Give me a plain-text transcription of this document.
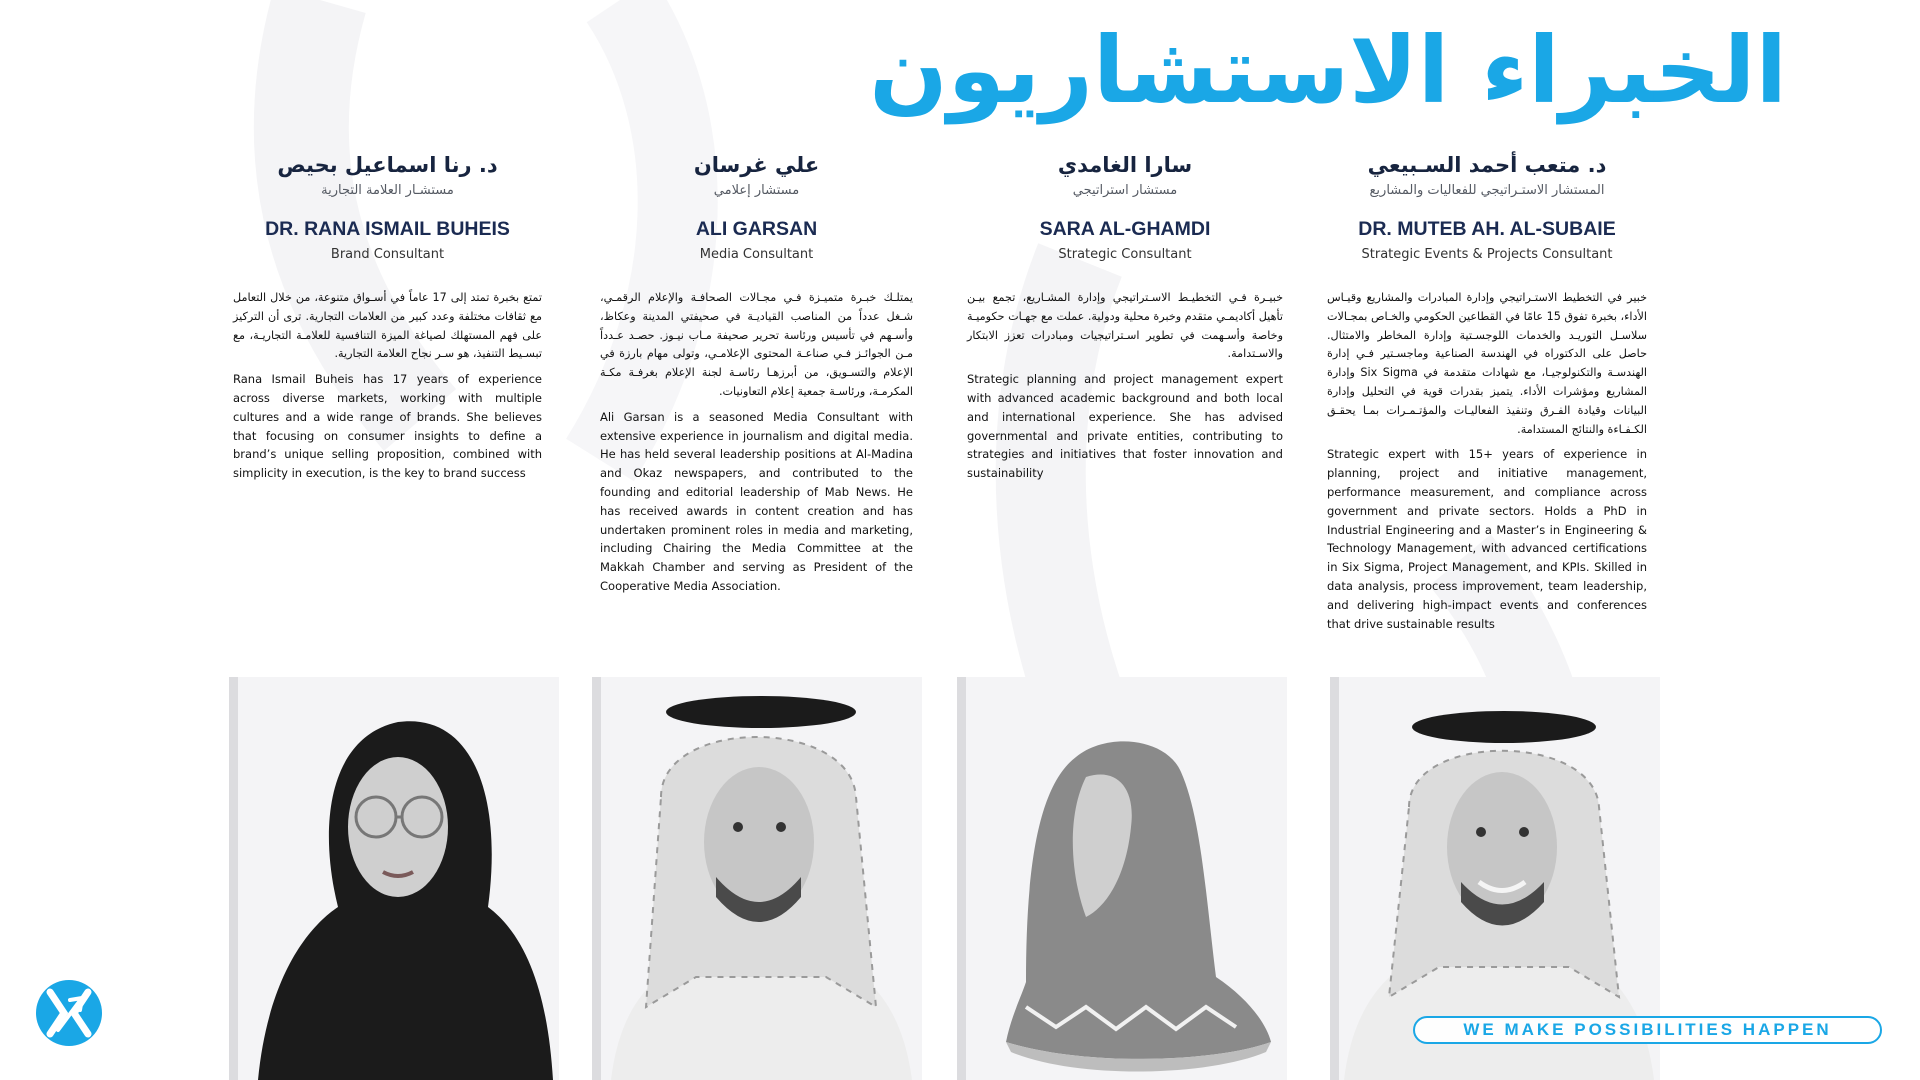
الخبراء الاستشاريون
د. متعب أحمد السـبيعي
المستشار الاستـراتيجي للفعاليات والمشاريع
DR. MUTEB AH. AL-SUBAIE
Strategic Events & Projects Consultant

خبير في التخطيط الاستـراتيجي وإدارة المبادرات والمشاريع وقيـاس الأداء، بخبرة تفوق 15 عامًا في القطاعين الحكومي والخـاص بمجـالات سلاسـل التوريـد والخدمات اللوجسـتية وإدارة المخاطر والامتثال. حاصل على الدكتوراه في الهندسة الصناعية وماجسـتير فـي إدارة الهندسـة والتكنولوجيـا، مع شهادات متقدمة في Six Sigma وإدارة المشاريع ومؤشرات الأداء. يتميز بقدرات قوية في التحليل وإدارة البيانات وقيادة الفـرق وتنفيذ الفعاليـات والمؤتـمـرات بمـا يحقـق الكـفـاءة والنتائج المستدامة.

Strategic expert with 15+ years of experience in planning, project and initiative management, performance measurement, and compliance across government and private sectors. Holds a PhD in Industrial Engineering and a Master’s in Engineering & Technology Management, with advanced certifications in Six Sigma, Project Management, and KPIs. Skilled in data analysis, process improvement, team leadership, and delivering high-impact events and conferences that drive sustainable results

سارا الغامدي
مستشار استراتيجي
SARA AL-GHAMDI
Strategic Consultant

خبيـرة فـي التخطيـط الاسـتراتيجي وإدارة المشـاريع، تجمع بيـن تأهيل أكاديمـي متقدم وخبرة محلية ودولية. عملت مع جهـات حكوميـة وخاصة وأسـهمت في تطوير اسـتراتيجيات ومبادرات تعزز الابتكار والاسـتدامة.

Strategic planning and project management expert with advanced academic background and both local and international experience. She has advised governmental and private entities, contributing to strategies and initiatives that foster innovation and sustainability

علي غرسان
مستشار إعلامي
ALI GARSAN
Media Consultant

يمتلـك خبـرة متميـزة فـي مجـالات الصحافـة والإعلام الرقمـي، شـغل عدداً من المناصب القياديـة في صحيفتي المدينة وعكاظ، وأسـهم في تأسيس ورئاسة تحرير صحيفة مـاب نيـوز. حصـد عـدداً مـن الجوائـز فـي صناعـة المحتوى الإعلامـي، وتولى مهام بارزة في الإعلام والتسـويق، من أبرزهـا رئاسـة لجنة الإعلام بغرفـة مكـة المكرمـة، ورئاسـة جمعية إعلام التعاونيات.

Ali Garsan is a seasoned Media Consultant with extensive experience in journalism and digital media. He has held several leadership positions at Al-Madina and Okaz newspapers, and contributed to the founding and editorial leadership of Mab News. He has received awards in content creation and has undertaken prominent roles in media and marketing, including Chairing the Media Committee at the Makkah Chamber and serving as President of the Cooperative Media Association.

د. رنا اسماعيل بحيص
مستشـار العلامة التجارية
DR. RANA ISMAIL BUHEIS
Brand Consultant

تمتع بخبرة تمتد إلى 17 عاماً في أسـواق متنوعة، من خلال التعامل مع ثقافات مختلفة وعدد كبير من العلامات التجارية. ترى أن التركيز على فهم المستهلك لصياغة الميزة التنافسية للعلامـة التجاريـة، مع تبسـيط التنفيذ، هو سـر نجاح العلامة التجارية.

Rana Ismail Buheis has 17 years of experience across diverse markets, working with multiple cultures and a wide range of brands. She believes that focusing on consumer insights to define a brand’s unique selling proposition, combined with simplicity in execution, is the key to brand success

WE MAKE POSSIBILITIES HAPPEN
